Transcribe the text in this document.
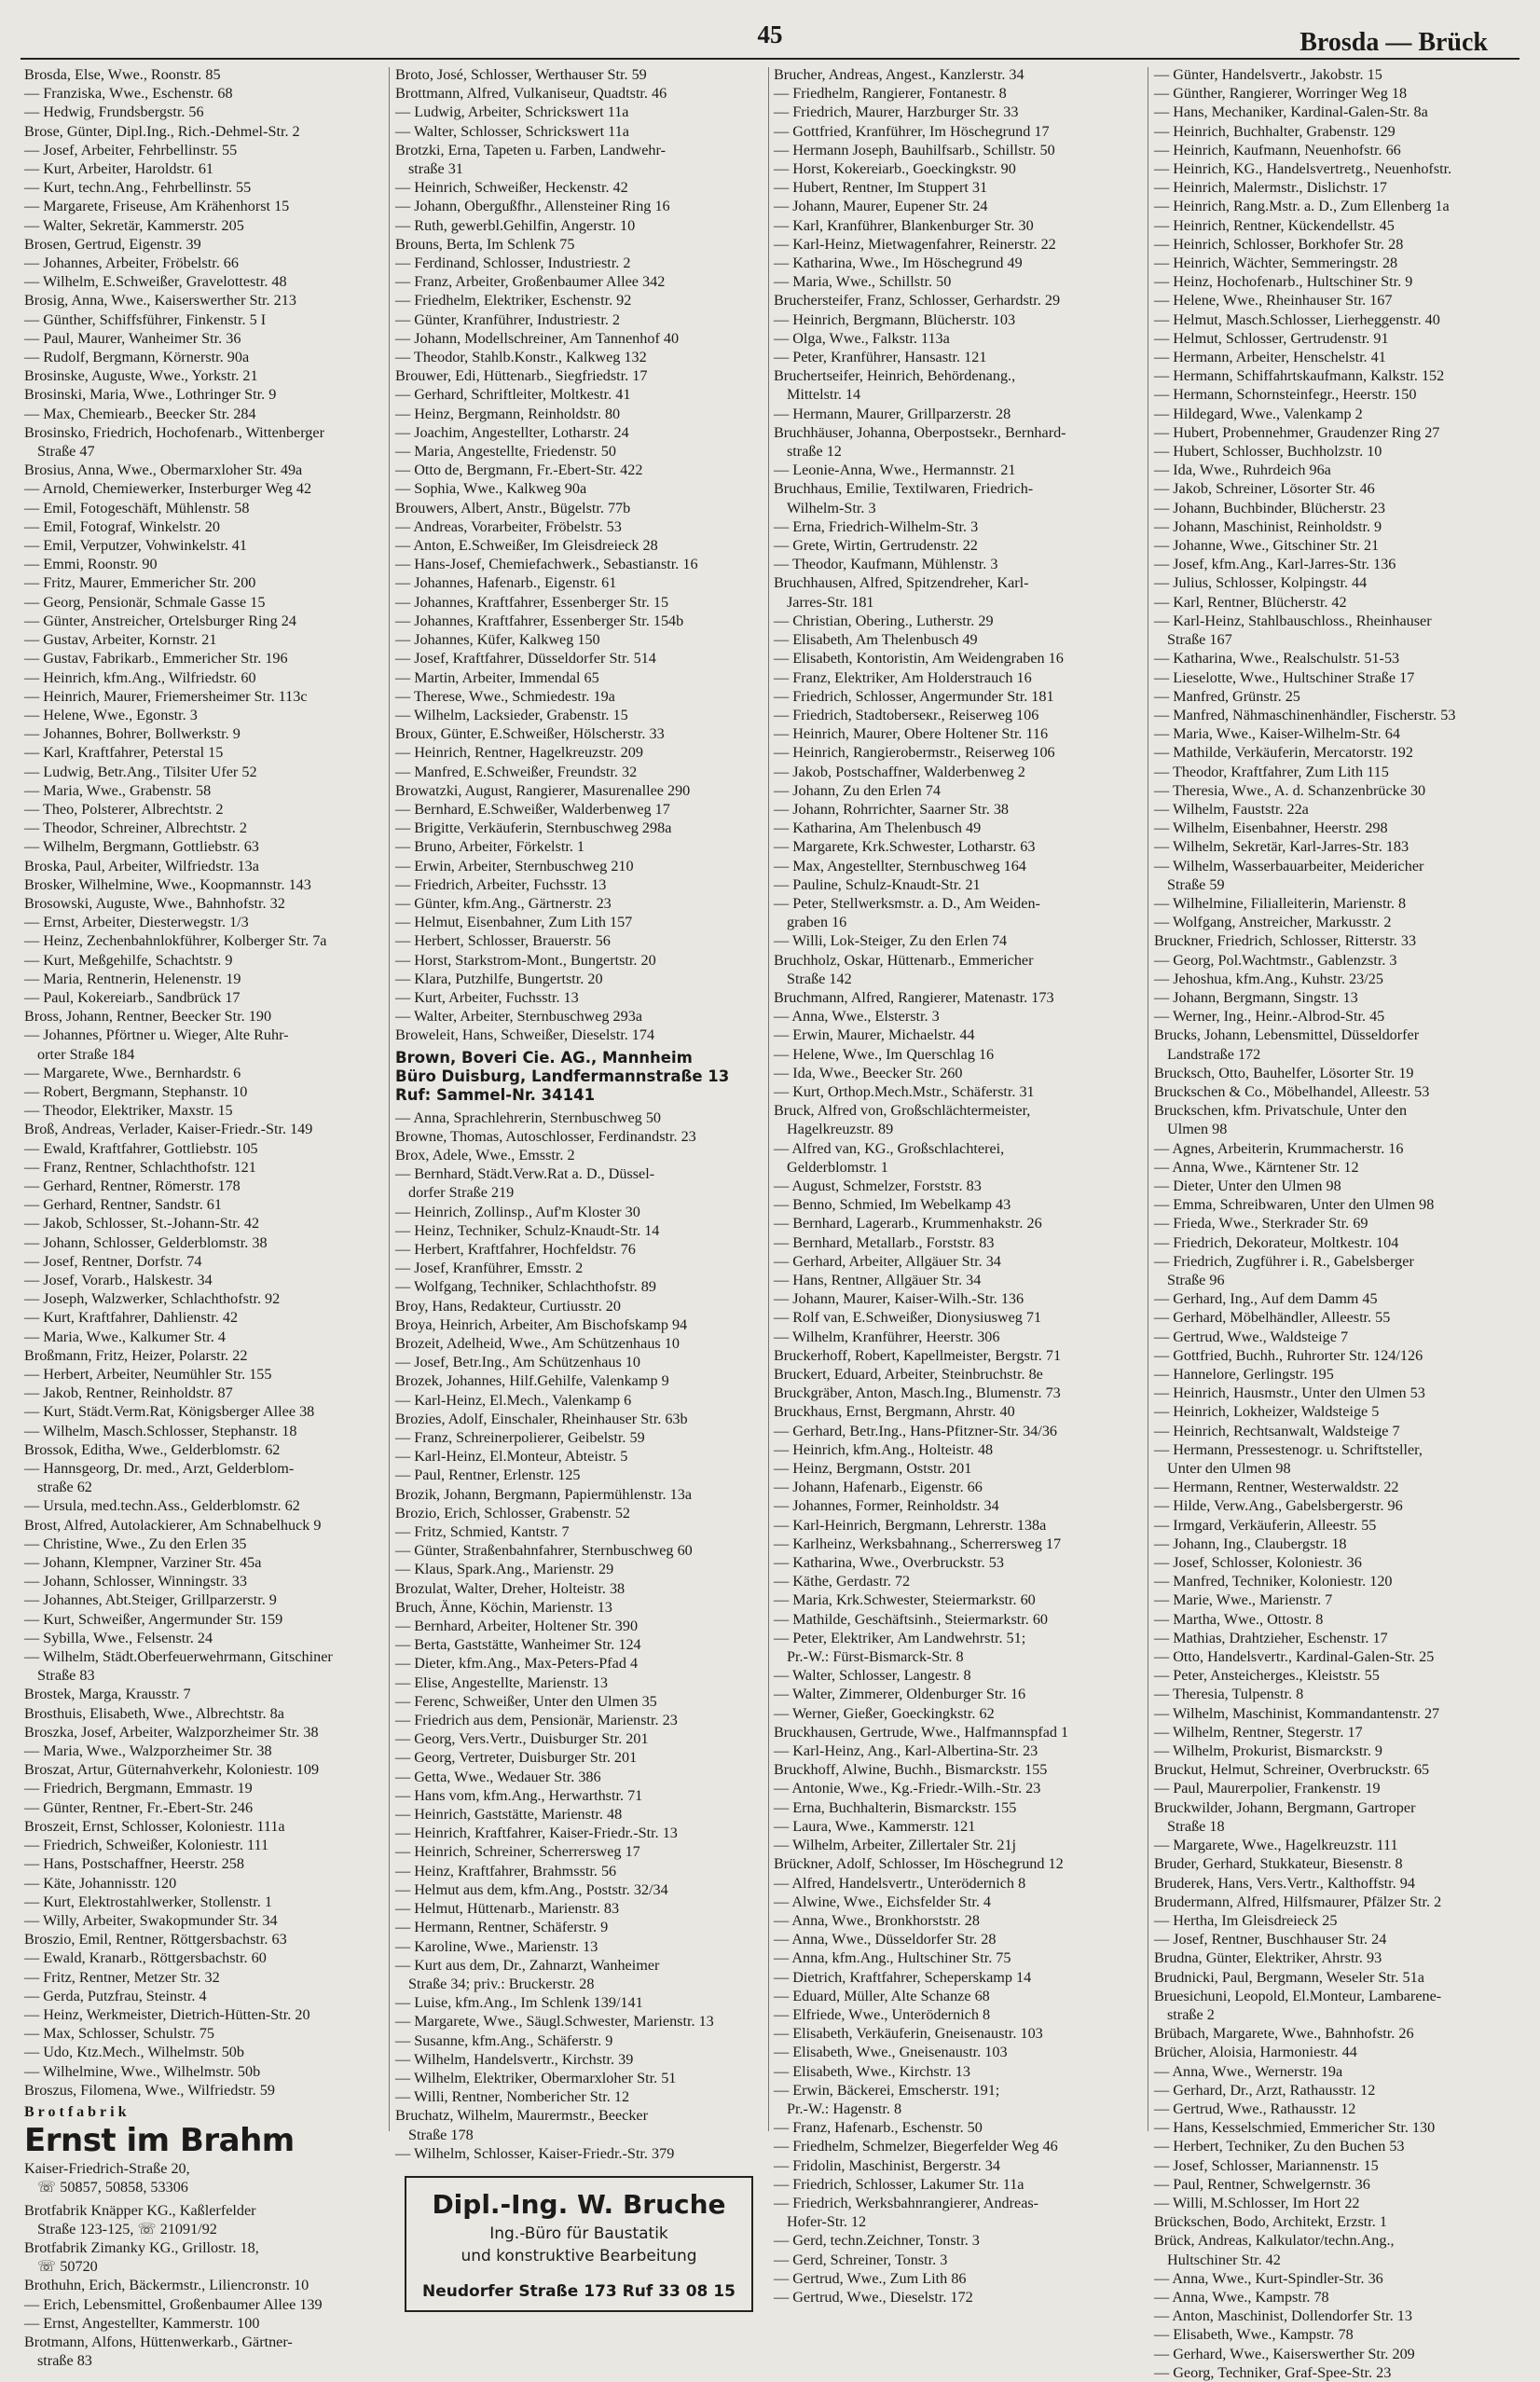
45	Brosda — Brück
Brosda, Else, Wwe., Roonstr. 85
— Franziska, Wwe., Eschenstr. 68
— Hedwig, Frundsbergstr. 56
Brose, Günter, Dipl.Ing., Rich.-Dehmel-Str. 2
— Josef, Arbeiter, Fehrbellinstr. 55
— Kurt, Arbeiter, Haroldstr. 61
— Kurt, techn.Ang., Fehrbellinstr. 55
— Margarete, Friseuse, Am Krähenhorst 15
— Walter, Sekretär, Kammerstr. 205
Brosen, Gertrud, Eigenstr. 39
— Johannes, Arbeiter, Fröbelstr. 66
— Wilhelm, E.Schweißer, Gravelottestr. 48
Brosig, Anna, Wwe., Kaiserswerther Str. 213
— Günther, Schiffsführer, Finkenstr. 5 I
— Paul, Maurer, Wanheimer Str. 36
— Rudolf, Bergmann, Körnerstr. 90a
Brosinske, Auguste, Wwe., Yorkstr. 21
Brosinski, Maria, Wwe., Lothringer Str. 9
— Max, Chemiearb., Beecker Str. 284
Brosinsko, Friedrich, Hochofenarb., Wittenberger
Straße 47
Brosius, Anna, Wwe., Obermarxloher Str. 49a
— Arnold, Chemiewerker, Insterburger Weg 42
— Emil, Fotogeschäft, Mühlenstr. 58
— Emil, Fotograf, Winkelstr. 20
— Emil, Verputzer, Vohwinkelstr. 41
— Emmi, Roonstr. 90
— Fritz, Maurer, Emmericher Str. 200
— Georg, Pensionär, Schmale Gasse 15
— Günter, Anstreicher, Ortelsburger Ring 24
— Gustav, Arbeiter, Kornstr. 21
— Gustav, Fabrikarb., Emmericher Str. 196
— Heinrich, kfm.Ang., Wilfriedstr. 60
— Heinrich, Maurer, Friemersheimer Str. 113c
— Helene, Wwe., Egonstr. 3
— Johannes, Bohrer, Bollwerkstr. 9
— Karl, Kraftfahrer, Peterstal 15
— Ludwig, Betr.Ang., Tilsiter Ufer 52
— Maria, Wwe., Grabenstr. 58
— Theo, Polsterer, Albrechtstr. 2
— Theodor, Schreiner, Albrechtstr. 2
— Wilhelm, Bergmann, Gottliebstr. 63
Broska, Paul, Arbeiter, Wilfriedstr. 13a
Brosker, Wilhelmine, Wwe., Koopmannstr. 143
Brosowski, Auguste, Wwe., Bahnhofstr. 32
— Ernst, Arbeiter, Diesterwegstr. 1/3
— Heinz, Zechenbahnlokführer, Kolberger Str. 7a
— Kurt, Meßgehilfe, Schachtstr. 9
— Maria, Rentnerin, Helenenstr. 19
— Paul, Kokereiarb., Sandbrück 17
Bross, Johann, Rentner, Beecker Str. 190
— Johannes, Pförtner u. Wieger, Alte Ruhr-
orter Straße 184
— Margarete, Wwe., Bernhardstr. 6
— Robert, Bergmann, Stephanstr. 10
— Theodor, Elektriker, Maxstr. 15
Broß, Andreas, Verlader, Kaiser-Friedr.-Str. 149
— Ewald, Kraftfahrer, Gottliebstr. 105
— Franz, Rentner, Schlachthofstr. 121
— Gerhard, Rentner, Römerstr. 178
— Gerhard, Rentner, Sandstr. 61
— Jakob, Schlosser, St.-Johann-Str. 42
— Johann, Schlosser, Gelderblomstr. 38
— Josef, Rentner, Dorfstr. 74
— Josef, Vorarb., Halskestr. 34
— Joseph, Walzwerker, Schlachthofstr. 92
— Kurt, Kraftfahrer, Dahlienstr. 42
— Maria, Wwe., Kalkumer Str. 4
Broßmann, Fritz, Heizer, Polarstr. 22
— Herbert, Arbeiter, Neumühler Str. 155
— Jakob, Rentner, Reinholdstr. 87
— Kurt, Städt.Verm.Rat, Königsberger Allee 38
— Wilhelm, Masch.Schlosser, Stephanstr. 18
Brossok, Editha, Wwe., Gelderblomstr. 62
— Hannsgeorg, Dr. med., Arzt, Gelderblom-
straße 62
— Ursula, med.techn.Ass., Gelderblomstr. 62
Brost, Alfred, Autolackierer, Am Schnabelhuck 9
— Christine, Wwe., Zu den Erlen 35
— Johann, Klempner, Varziner Str. 45a
— Johann, Schlosser, Winningstr. 33
— Johannes, Abt.Steiger, Grillparzerstr. 9
— Kurt, Schweißer, Angermunder Str. 159
— Sybilla, Wwe., Felsenstr. 24
— Wilhelm, Städt.Oberfeuerwehrmann, Gitschiner
Straße 83
Brostek, Marga, Krausstr. 7
Brosthuis, Elisabeth, Wwe., Albrechtstr. 8a
Broszka, Josef, Arbeiter, Walzporzheimer Str. 38
— Maria, Wwe., Walzporzheimer Str. 38
Broszat, Artur, Güternahverkehr, Koloniestr. 109
— Friedrich, Bergmann, Emmastr. 19
— Günter, Rentner, Fr.-Ebert-Str. 246
Broszeit, Ernst, Schlosser, Koloniestr. 111a
— Friedrich, Schweißer, Koloniestr. 111
— Hans, Postschaffner, Heerstr. 258
— Käte, Johannisstr. 120
— Kurt, Elektrostahlwerker, Stollenstr. 1
— Willy, Arbeiter, Swakopmunder Str. 34
Broszio, Emil, Rentner, Röttgersbachstr. 63
— Ewald, Kranarb., Röttgersbachstr. 60
— Fritz, Rentner, Metzer Str. 32
— Gerda, Putzfrau, Steinstr. 4
— Heinz, Werkmeister, Dietrich-Hütten-Str. 20
— Max, Schlosser, Schulstr. 75
— Udo, Ktz.Mech., Wilhelmstr. 50b
— Wilhelmine, Wwe., Wilhelmstr. 50b
Broszus, Filomena, Wwe., Wilfriedstr. 59
Brotfabrik
Ernst im Brahm
Kaiser-Friedrich-Straße 20,
☏ 50857, 50858, 53306
Brotfabrik Knäpper KG., Kaßlerfelder
Straße 123-125, ☏ 21091/92
Brotfabrik Zimanky KG., Grillostr. 18,
☏ 50720
Brothuhn, Erich, Bäckermstr., Liliencronstr. 10
— Erich, Lebensmittel, Großenbaumer Allee 139
— Ernst, Angestellter, Kammerstr. 100
Brotmann, Alfons, Hüttenwerkarb., Gärtner-
straße 83
Broto, José, Schlosser, Werthauser Str. 59
Brottmann, Alfred, Vulkaniseur, Quadtstr. 46
— Ludwig, Arbeiter, Schrickswert 11a
— Walter, Schlosser, Schrickswert 11a
Brotzki, Erna, Tapeten u. Farben, Landwehr-
straße 31
— Heinrich, Schweißer, Heckenstr. 42
— Johann, Obergußfhr., Allensteiner Ring 16
— Ruth, gewerbl.Gehilfin, Angerstr. 10
Brouns, Berta, Im Schlenk 75
— Ferdinand, Schlosser, Industriestr. 2
— Franz, Arbeiter, Großenbaumer Allee 342
— Friedhelm, Elektriker, Eschenstr. 92
— Günter, Kranführer, Industriestr. 2
— Johann, Modellschreiner, Am Tannenhof 40
— Theodor, Stahlb.Konstr., Kalkweg 132
Brouwer, Edi, Hüttenarb., Siegfriedstr. 17
— Gerhard, Schriftleiter, Moltkestr. 41
— Heinz, Bergmann, Reinholdstr. 80
— Joachim, Angestellter, Lotharstr. 24
— Maria, Angestellte, Friedenstr. 50
— Otto de, Bergmann, Fr.-Ebert-Str. 422
— Sophia, Wwe., Kalkweg 90a
Brouwers, Albert, Anstr., Bügelstr. 77b
— Andreas, Vorarbeiter, Fröbelstr. 53
— Anton, E.Schweißer, Im Gleisdreieck 28
— Hans-Josef, Chemiefachwerk., Sebastianstr. 16
— Johannes, Hafenarb., Eigenstr. 61
— Johannes, Kraftfahrer, Essenberger Str. 15
— Johannes, Kraftfahrer, Essenberger Str. 154b
— Johannes, Küfer, Kalkweg 150
— Josef, Kraftfahrer, Düsseldorfer Str. 514
— Martin, Arbeiter, Immendal 65
— Therese, Wwe., Schmiedestr. 19a
— Wilhelm, Lacksieder, Grabenstr. 15
Broux, Günter, E.Schweißer, Hölscherstr. 33
— Heinrich, Rentner, Hagelkreuzstr. 209
— Manfred, E.Schweißer, Freundstr. 32
Browatzki, August, Rangierer, Masurenallee 290
— Bernhard, E.Schweißer, Walderbenweg 17
— Brigitte, Verkäuferin, Sternbuschweg 298a
— Bruno, Arbeiter, Förkelstr. 1
— Erwin, Arbeiter, Sternbuschweg 210
— Friedrich, Arbeiter, Fuchsstr. 13
— Günter, kfm.Ang., Gärtnerstr. 23
— Helmut, Eisenbahner, Zum Lith 157
— Herbert, Schlosser, Brauerstr. 56
— Horst, Starkstrom-Mont., Bungertstr. 20
— Klara, Putzhilfe, Bungertstr. 20
— Kurt, Arbeiter, Fuchsstr. 13
— Walter, Arbeiter, Sternbuschweg 293a
Broweleit, Hans, Schweißer, Dieselstr. 174
Brown, Boveri Cie. AG., Mannheim
Büro Duisburg, Landfermannstraße 13
Ruf: Sammel-Nr. 34141
— Anna, Sprachlehrerin, Sternbuschweg 50
Browne, Thomas, Autoschlosser, Ferdinandstr. 23
Brox, Adele, Wwe., Emsstr. 2
— Bernhard, Städt.Verw.Rat a. D., Düssel-
dorfer Straße 219
— Heinrich, Zollinsp., Auf'm Kloster 30
— Heinz, Techniker, Schulz-Knaudt-Str. 14
— Herbert, Kraftfahrer, Hochfeldstr. 76
— Josef, Kranführer, Emsstr. 2
— Wolfgang, Techniker, Schlachthofstr. 89
Broy, Hans, Redakteur, Curtiusstr. 20
Broya, Heinrich, Arbeiter, Am Bischofskamp 94
Brozeit, Adelheid, Wwe., Am Schützenhaus 10
— Josef, Betr.Ing., Am Schützenhaus 10
Brozek, Johannes, Hilf.Gehilfe, Valenkamp 9
— Karl-Heinz, El.Mech., Valenkamp 6
Brozies, Adolf, Einschaler, Rheinhauser Str. 63b
— Franz, Schreinerpolierer, Geibelstr. 59
— Karl-Heinz, El.Monteur, Abteistr. 5
— Paul, Rentner, Erlenstr. 125
Brozik, Johann, Bergmann, Papiermühlenstr. 13a
Brozio, Erich, Schlosser, Grabenstr. 52
— Fritz, Schmied, Kantstr. 7
— Günter, Straßenbahnfahrer, Sternbuschweg 60
— Klaus, Spark.Ang., Marienstr. 29
Brozulat, Walter, Dreher, Holteistr. 38
Bruch, Änne, Köchin, Marienstr. 13
— Bernhard, Arbeiter, Holtener Str. 390
— Berta, Gaststätte, Wanheimer Str. 124
— Dieter, kfm.Ang., Max-Peters-Pfad 4
— Elise, Angestellte, Marienstr. 13
— Ferenc, Schweißer, Unter den Ulmen 35
— Friedrich aus dem, Pensionär, Marienstr. 23
— Georg, Vers.Vertr., Duisburger Str. 201
— Georg, Vertreter, Duisburger Str. 201
— Getta, Wwe., Wedauer Str. 386
— Hans vom, kfm.Ang., Herwarthstr. 71
— Heinrich, Gaststätte, Marienstr. 48
— Heinrich, Kraftfahrer, Kaiser-Friedr.-Str. 13
— Heinrich, Schreiner, Scherrersweg 17
— Heinz, Kraftfahrer, Brahmsstr. 56
— Helmut aus dem, kfm.Ang., Poststr. 32/34
— Helmut, Hüttenarb., Marienstr. 83
— Hermann, Rentner, Schäferstr. 9
— Karoline, Wwe., Marienstr. 13
— Kurt aus dem, Dr., Zahnarzt, Wanheimer
Straße 34; priv.: Bruckerstr. 28
— Luise, kfm.Ang., Im Schlenk 139/141
— Margarete, Wwe., Säugl.Schwester, Marienstr. 13
— Susanne, kfm.Ang., Schäferstr. 9
— Wilhelm, Handelsvertr., Kirchstr. 39
— Wilhelm, Elektriker, Obermarxloher Str. 51
— Willi, Rentner, Nombericher Str. 12
Bruchatz, Wilhelm, Maurermstr., Beecker
Straße 178
— Wilhelm, Schlosser, Kaiser-Friedr.-Str. 379
Dipl.-Ing. W. Bruche
Ing.-Büro für Baustatik
und konstruktive Bearbeitung
Neudorfer Straße 173 Ruf 33 08 15
Brucher, Andreas, Angest., Kanzlerstr. 34
— Friedhelm, Rangierer, Fontanestr. 8
— Friedrich, Maurer, Harzburger Str. 33
— Gottfried, Kranführer, Im Höschegrund 17
— Hermann Joseph, Bauhilfsarb., Schillstr. 50
— Horst, Kokereiarb., Goeckingkstr. 90
— Hubert, Rentner, Im Stuppert 31
— Johann, Maurer, Eupener Str. 24
— Karl, Kranführer, Blankenburger Str. 30
— Karl-Heinz, Mietwagenfahrer, Reinerstr. 22
— Katharina, Wwe., Im Höschegrund 49
— Maria, Wwe., Schillstr. 50
Bruchersteifer, Franz, Schlosser, Gerhardstr. 29
— Heinrich, Bergmann, Blücherstr. 103
— Olga, Wwe., Falkstr. 113a
— Peter, Kranführer, Hansastr. 121
Bruchertseifer, Heinrich, Behördenang.,
Mittelstr. 14
— Hermann, Maurer, Grillparzerstr. 28
Bruchhäuser, Johanna, Oberpostsekr., Bernhard-
straße 12
— Leonie-Anna, Wwe., Hermannstr. 21
Bruchhaus, Emilie, Textilwaren, Friedrich-
Wilhelm-Str. 3
— Erna, Friedrich-Wilhelm-Str. 3
— Grete, Wirtin, Gertrudenstr. 22
— Theodor, Kaufmann, Mühlenstr. 3
Bruchhausen, Alfred, Spitzendreher, Karl-
Jarres-Str. 181
— Christian, Obering., Lutherstr. 29
— Elisabeth, Am Thelenbusch 49
— Elisabeth, Kontoristin, Am Weidengraben 16
— Franz, Elektriker, Am Holderstrauch 16
— Friedrich, Schlosser, Angermunder Str. 181
— Friedrich, Stadtoberseкr., Reiserweg 106
— Heinrich, Maurer, Obere Holtener Str. 116
— Heinrich, Rangierobermstr., Reiserweg 106
— Jakob, Postschaffner, Walderbenweg 2
— Johann, Zu den Erlen 74
— Johann, Rohrrichter, Saarner Str. 38
— Katharina, Am Thelenbusch 49
— Margarete, Krk.Schwester, Lotharstr. 63
— Max, Angestellter, Sternbuschweg 164
— Pauline, Schulz-Knaudt-Str. 21
— Peter, Stellwerksmstr. a. D., Am Weiden-
graben 16
— Willi, Lok-Steiger, Zu den Erlen 74
Bruchholz, Oskar, Hüttenarb., Emmericher
Straße 142
Bruchmann, Alfred, Rangierer, Matenastr. 173
— Anna, Wwe., Elsterstr. 3
— Erwin, Maurer, Michaelstr. 44
— Helene, Wwe., Im Querschlag 16
— Ida, Wwe., Beecker Str. 260
— Kurt, Orthop.Mech.Mstr., Schäferstr. 31
Bruck, Alfred von, Großschlächtermeister,
Hagelkreuzstr. 89
— Alfred van, KG., Großschlachterei,
Gelderblomstr. 1
— August, Schmelzer, Forststr. 83
— Benno, Schmied, Im Webelkamp 43
— Bernhard, Lagerarb., Krummenhakstr. 26
— Bernhard, Metallarb., Forststr. 83
— Gerhard, Arbeiter, Allgäuer Str. 34
— Hans, Rentner, Allgäuer Str. 34
— Johann, Maurer, Kaiser-Wilh.-Str. 136
— Rolf van, E.Schweißer, Dionysiusweg 71
— Wilhelm, Kranführer, Heerstr. 306
Bruckerhoff, Robert, Kapellmeister, Bergstr. 71
Bruckert, Eduard, Arbeiter, Steinbruchstr. 8e
Bruckgräber, Anton, Masch.Ing., Blumenstr. 73
Bruckhaus, Ernst, Bergmann, Ahrstr. 40
— Gerhard, Betr.Ing., Hans-Pfitzner-Str. 34/36
— Heinrich, kfm.Ang., Holteistr. 48
— Heinz, Bergmann, Oststr. 201
— Johann, Hafenarb., Eigenstr. 66
— Johannes, Former, Reinholdstr. 34
— Karl-Heinrich, Bergmann, Lehrerstr. 138a
— Karlheinz, Werksbahnang., Scherrersweg 17
— Katharina, Wwe., Overbruckstr. 53
— Käthe, Gerdastr. 72
— Maria, Krk.Schwester, Steiermarkstr. 60
— Mathilde, Geschäftsinh., Steiermarkstr. 60
— Peter, Elektriker, Am Landwehrstr. 51;
Pr.-W.: Fürst-Bismarck-Str. 8
— Walter, Schlosser, Langestr. 8
— Walter, Zimmerer, Oldenburger Str. 16
— Werner, Gießer, Goeckingkstr. 62
Bruckhausen, Gertrude, Wwe., Halfmannspfad 1
— Karl-Heinz, Ang., Karl-Albertina-Str. 23
Bruckhoff, Alwine, Buchh., Bismarckstr. 155
— Antonie, Wwe., Kg.-Friedr.-Wilh.-Str. 23
— Erna, Buchhalterin, Bismarckstr. 155
— Laura, Wwe., Kammerstr. 121
— Wilhelm, Arbeiter, Zillertaler Str. 21j
Brückner, Adolf, Schlosser, Im Höschegrund 12
— Alfred, Handelsvertr., Unterödernich 8
— Alwine, Wwe., Eichsfelder Str. 4
— Anna, Wwe., Bronkhorststr. 28
— Anna, Wwe., Düsseldorfer Str. 28
— Anna, kfm.Ang., Hultschiner Str. 75
— Dietrich, Kraftfahrer, Scheperskamp 14
— Eduard, Müller, Alte Schanze 68
— Elfriede, Wwe., Unterödernich 8
— Elisabeth, Verkäuferin, Gneisenaustr. 103
— Elisabeth, Wwe., Gneisenaustr. 103
— Elisabeth, Wwe., Kirchstr. 13
— Erwin, Bäckerei, Emscherstr. 191;
Pr.-W.: Hagenstr. 8
— Franz, Hafenarb., Eschenstr. 50
— Friedhelm, Schmelzer, Biegerfelder Weg 46
— Fridolin, Maschinist, Bergerstr. 34
— Friedrich, Schlosser, Lakumer Str. 11a
— Friedrich, Werksbahnrangierer, Andreas-
Hofer-Str. 12
— Gerd, techn.Zeichner, Tonstr. 3
— Gerd, Schreiner, Tonstr. 3
— Gertrud, Wwe., Zum Lith 86
— Gertrud, Wwe., Dieselstr. 172
— Günter, Handelsvertr., Jakobstr. 15
— Günther, Rangierer, Worringer Weg 18
— Hans, Mechaniker, Kardinal-Galen-Str. 8a
— Heinrich, Buchhalter, Grabenstr. 129
— Heinrich, Kaufmann, Neuenhofstr. 66
— Heinrich, KG., Handelsvertretg., Neuenhofstr.
— Heinrich, Malermstr., Dislichstr. 17
— Heinrich, Rang.Mstr. a. D., Zum Ellenberg 1a
— Heinrich, Rentner, Kückendellstr. 45
— Heinrich, Schlosser, Borkhofer Str. 28
— Heinrich, Wächter, Semmeringstr. 28
— Heinz, Hochofenarb., Hultschiner Str. 9
— Helene, Wwe., Rheinhauser Str. 167
— Helmut, Masch.Schlosser, Lierheggenstr. 40
— Helmut, Schlosser, Gertrudenstr. 91
— Hermann, Arbeiter, Henschelstr. 41
— Hermann, Schiffahrtskaufmann, Kalkstr. 152
— Hermann, Schornsteinfegr., Heerstr. 150
— Hildegard, Wwe., Valenkamp 2
— Hubert, Probennehmer, Graudenzer Ring 27
— Hubert, Schlosser, Buchholzstr. 10
— Ida, Wwe., Ruhrdeich 96a
— Jakob, Schreiner, Lösorter Str. 46
— Johann, Buchbinder, Blücherstr. 23
— Johann, Maschinist, Reinholdstr. 9
— Johanne, Wwe., Gitschiner Str. 21
— Josef, kfm.Ang., Karl-Jarres-Str. 136
— Julius, Schlosser, Kolpingstr. 44
— Karl, Rentner, Blücherstr. 42
— Karl-Heinz, Stahlbauschloss., Rheinhauser
Straße 167
— Katharina, Wwe., Realschulstr. 51-53
— Lieselotte, Wwe., Hultschiner Straße 17
— Manfred, Grünstr. 25
— Manfred, Nähmaschinenhändler, Fischerstr. 53
— Maria, Wwe., Kaiser-Wilhelm-Str. 64
— Mathilde, Verkäuferin, Mercatorstr. 192
— Theodor, Kraftfahrer, Zum Lith 115
— Theresia, Wwe., A. d. Schanzenbrücke 30
— Wilhelm, Fauststr. 22a
— Wilhelm, Eisenbahner, Heerstr. 298
— Wilhelm, Sekretär, Karl-Jarres-Str. 183
— Wilhelm, Wasserbauarbeiter, Meidericher
Straße 59
— Wilhelmine, Filialleiterin, Marienstr. 8
— Wolfgang, Anstreicher, Markusstr. 2
Bruckner, Friedrich, Schlosser, Ritterstr. 33
— Georg, Pol.Wachtmstr., Gablenzstr. 3
— Jehoshua, kfm.Ang., Kuhstr. 23/25
— Johann, Bergmann, Singstr. 13
— Werner, Ing., Heinr.-Albrod-Str. 45
Brucks, Johann, Lebensmittel, Düsseldorfer
Landstraße 172
Brucksch, Otto, Bauhelfer, Lösorter Str. 19
Bruckschen & Co., Möbelhandel, Alleestr. 53
Bruckschen, kfm. Privatschule, Unter den
Ulmen 98
— Agnes, Arbeiterin, Krummacherstr. 16
— Anna, Wwe., Kärntener Str. 12
— Dieter, Unter den Ulmen 98
— Emma, Schreibwaren, Unter den Ulmen 98
— Frieda, Wwe., Sterkrader Str. 69
— Friedrich, Dekorateur, Moltkestr. 104
— Friedrich, Zugführer i. R., Gabelsberger
Straße 96
— Gerhard, Ing., Auf dem Damm 45
— Gerhard, Möbelhändler, Alleestr. 55
— Gertrud, Wwe., Waldsteige 7
— Gottfried, Buchh., Ruhrorter Str. 124/126
— Hannelore, Gerlingstr. 195
— Heinrich, Hausmstr., Unter den Ulmen 53
— Heinrich, Lokheizer, Waldsteige 5
— Heinrich, Rechtsanwalt, Waldsteige 7
— Hermann, Pressestenogr. u. Schriftsteller,
Unter den Ulmen 98
— Hermann, Rentner, Westerwaldstr. 22
— Hilde, Verw.Ang., Gabelsbergerstr. 96
— Irmgard, Verkäuferin, Alleestr. 55
— Johann, Ing., Claubergstr. 18
— Josef, Schlosser, Koloniestr. 36
— Manfred, Techniker, Koloniestr. 120
— Marie, Wwe., Marienstr. 7
— Martha, Wwe., Ottostr. 8
— Mathias, Drahtzieher, Eschenstr. 17
— Otto, Handelsvertr., Kardinal-Galen-Str. 25
— Peter, Ansteicherges., Kleiststr. 55
— Theresia, Tulpenstr. 8
— Wilhelm, Maschinist, Kommandantenstr. 27
— Wilhelm, Rentner, Stegerstr. 17
— Wilhelm, Prokurist, Bismarckstr. 9
Bruckut, Helmut, Schreiner, Overbruckstr. 65
— Paul, Maurerpolier, Frankenstr. 19
Bruckwilder, Johann, Bergmann, Gartroper
Straße 18
— Margarete, Wwe., Hagelkreuzstr. 111
Bruder, Gerhard, Stukkateur, Biesenstr. 8
Bruderek, Hans, Vers.Vertr., Kalthoffstr. 94
Brudermann, Alfred, Hilfsmaurer, Pfälzer Str. 2
— Hertha, Im Gleisdreieck 25
— Josef, Rentner, Buschhauser Str. 24
Brudna, Günter, Elektriker, Ahrstr. 93
Brudnicki, Paul, Bergmann, Weseler Str. 51a
Bruesichuni, Leopold, El.Monteur, Lambarene-
straße 2
Brübach, Margarete, Wwe., Bahnhofstr. 26
Brücher, Aloisia, Harmoniestr. 44
— Anna, Wwe., Wernerstr. 19a
— Gerhard, Dr., Arzt, Rathausstr. 12
— Gertrud, Wwe., Rathausstr. 12
— Hans, Kesselschmied, Emmericher Str. 130
— Herbert, Techniker, Zu den Buchen 53
— Josef, Schlosser, Mariannenstr. 15
— Paul, Rentner, Schwelgernstr. 36
— Willi, M.Schlosser, Im Hort 22
Brückschen, Bodo, Architekt, Erzstr. 1
Brück, Andreas, Kalkulator/techn.Ang.,
Hultschiner Str. 42
— Anna, Wwe., Kurt-Spindler-Str. 36
— Anna, Wwe., Kampstr. 78
— Anton, Maschinist, Dollendorfer Str. 13
— Elisabeth, Wwe., Kampstr. 78
— Gerhard, Wwe., Kaiserswerther Str. 209
— Georg, Techniker, Graf-Spee-Str. 23
